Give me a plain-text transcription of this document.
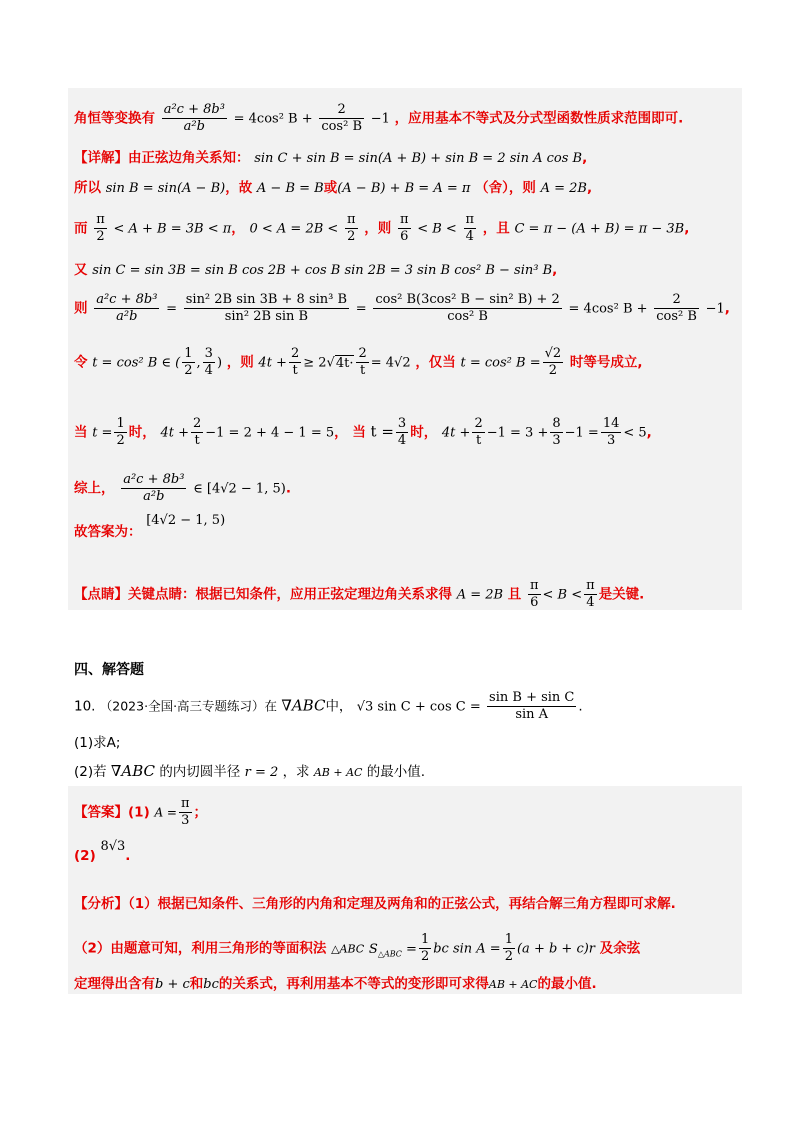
角恒等变换有 $\frac{\text{a²c + 8b³}}{\text{a²b}} = 4\cos^2$ $B + \frac{2}{\text{cos² B}} -1$ ，应用基本不等式及分式型函数性质求范围即可.
【详解】由正弦边角关系知： sin C + sin B = sin(A + B) + sin B = 2 sin A cos B,
所以 sin B = sin(A − B)，故 A − B = B或(A − B) + B = A = π （舍），则 A = 2B,
而 $\frac{\pi}{2} < A + B = 3B < \pi$， $0 < A = 2B < \frac{\pi}{2}$ ，则 $\frac{\pi}{6} < B < \frac{\pi}{4}$ ，且 C = π − (A + B) = π − 3B,
又 sin C = sin 3B = sin B cos 2B + cos B sin 2B = 3 sin B cos² B − sin³ B,
则 $\frac{\text{a²c + 8b³}}{\text{a²b}} = \frac{\text{sin² 2B sin 3B + 8 sin³ B}}{\text{sin² 2B sin B}} = \frac{\text{cos² B(3cos² B − sin² B) + 2}}{\text{cos² B}} = 4\cos^2$ $B + \frac{2}{\text{cos² B}} -1$,
令 t = cos² B ∈ ( $\frac{1}{2}$ , $\frac{3}{4}$ ) ，则 $4t + \frac{2}{t} \ge 2√4t\cdot \frac{2}{t} = 4√2$ ，仅当 t = cos² $B = \frac{√2}{2}$ 时等号成立,
当 $t = \frac{1}{2}$ 时， $4t + \frac{2}{t} -1 = 2 + 4 - 1 = 5$， 当 $t = \frac{3}{4}$ 时， $4t + \frac{2}{t} -1 = 3 + \frac{8}{3} -1 = \frac{14}{3} < 5$,
综上， $\frac{\text{a²c + 8b³}}{\text{a²b}}$ ∈ [4√2 − 1, 5).
故答案为： [4√2 − 1, 5)
【点睛】关键点睛：根据已知条件，应用正弦定理边角关系求得 A = 2B 且 $\frac{\pi}{6} < B < \frac{\pi}{4}$ 是关键.
四、解答题
10. （2023·全国·高三专题练习）在 ∇ABC中， √3 $\sin C + \cos C = \frac{\text{sin B + sin C}}{\text{sin A}}$ .
(1)求A;
(2)若 ∇ABC 的内切圆半径 r = 2 ，求 AB + AC 的最小值.
【答案】(1) $A = \frac{\pi}{3}$ ；
(2) 8√3.
【分析】（1）根据已知条件、三角形的内角和定理及两角和的正弦公式，再结合解三角方程即可求解.
（2）由题意可知，利用三角形的等面积法 △ABC $S_{\triangle ABC} = \frac{1}{2}$ bc $\sin A = \frac{1}{2} (a + b + c)r$ 及余弦
定理得出含有b + c和bc的关系式，再利用基本不等式的变形即可求得AB + AC的最小值.
